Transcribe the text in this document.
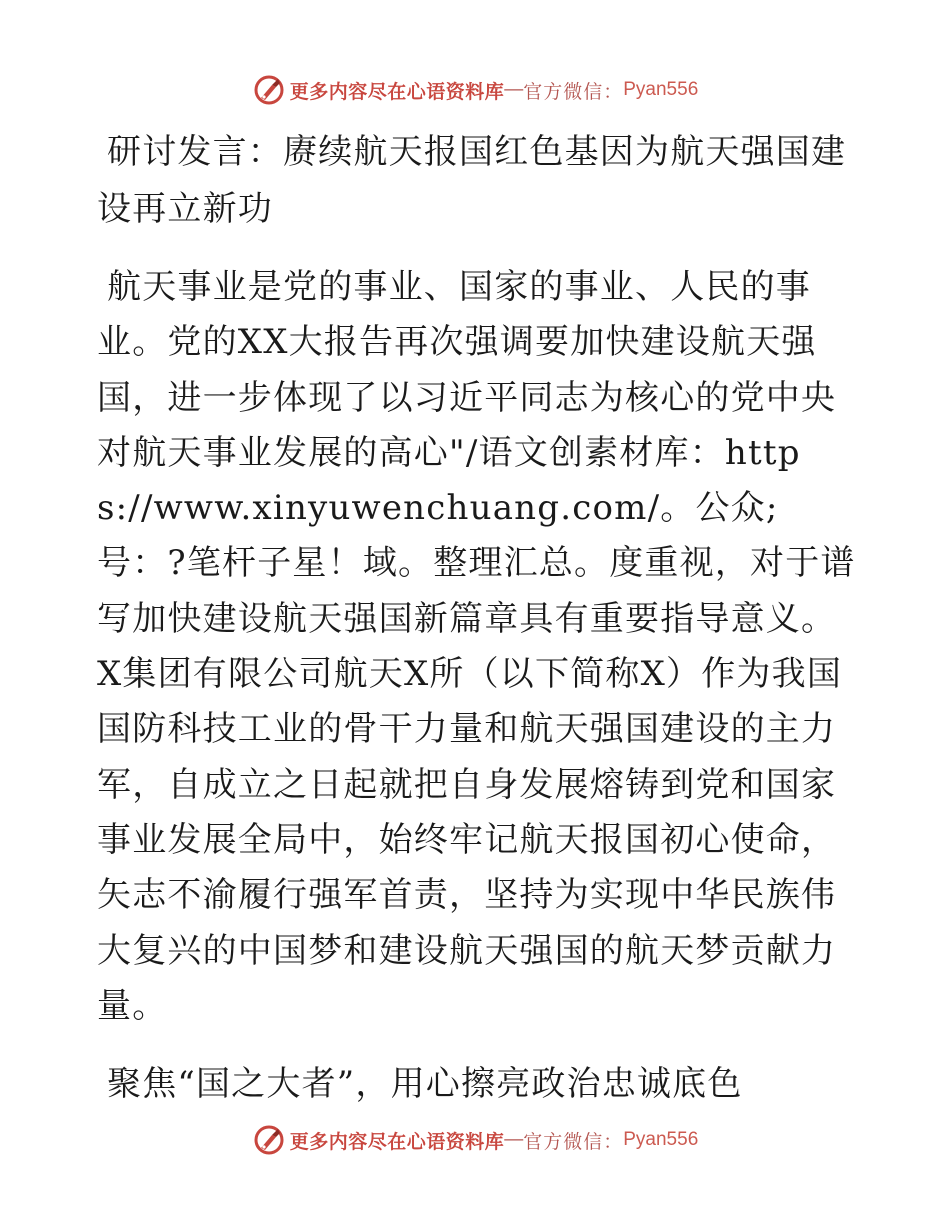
更多内容尽在心语资料库 — 官方微信： Pyan556

研讨发言：赓续航天报国红色基因为航天强国建设再立新功

航天事业是党的事业、国家的事业、人民的事业。党的XX大报告再次强调要加快建设航天强国，进一步体现了以习近平同志为核心的党中央对航天事业发展的高心"/语文创素材库：https://www.xinyuwenchuang.com/。公众;号：?笔杆子星！域。整理汇总。度重视，对于谱写加快建设航天强国新篇章具有重要指导意义。X集团有限公司航天X所（以下简称X）作为我国国防科技工业的骨干力量和航天强国建设的主力军，自成立之日起就把自身发展熔铸到党和国家事业发展全局中，始终牢记航天报国初心使命，矢志不渝履行强军首责，坚持为实现中华民族伟大复兴的中国梦和建设航天强国的航天梦贡献力量。

聚焦“国之大者”，用心擦亮政治忠诚底色

更多内容尽在心语资料库 — 官方微信： Pyan556
